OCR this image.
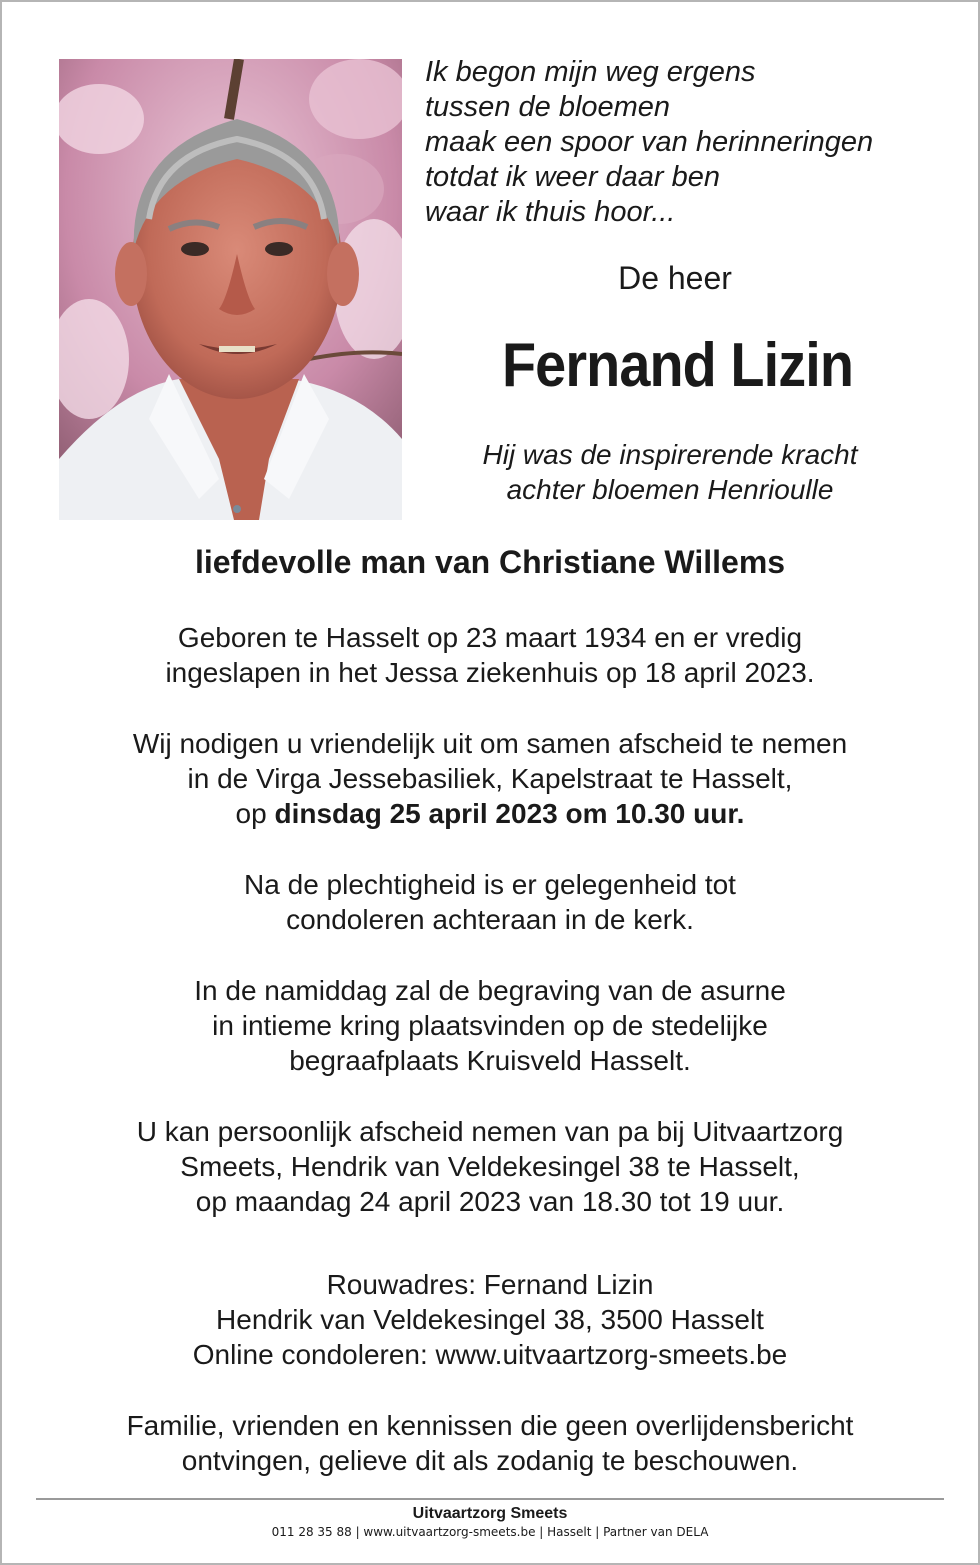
Ik begon mijn weg ergens
tussen de bloemen
maak een spoor van herinneringen
totdat ik weer daar ben
waar ik thuis hoor...
De heer
Fernand Lizin
Hij was de inspirerende kracht
achter bloemen Henrioulle
liefdevolle man van Christiane Willems

Geboren te Hasselt op 23 maart 1934 en er vredig
ingeslapen in het Jessa ziekenhuis op 18 april 2023.

Wij nodigen u vriendelijk uit om samen afscheid te nemen
in de Virga Jessebasiliek, Kapelstraat te Hasselt,
op dinsdag 25 april 2023 om 10.30 uur.

Na de plechtigheid is er gelegenheid tot
condoleren achteraan in de kerk.

In de namiddag zal de begraving van de asurne
in intieme kring plaatsvinden op de stedelijke
begraafplaats Kruisveld Hasselt.

U kan persoonlijk afscheid nemen van pa bij Uitvaartzorg
Smeets, Hendrik van Veldekesingel 38 te Hasselt,
op maandag 24 april 2023 van 18.30 tot 19 uur.

Rouwadres: Fernand Lizin
Hendrik van Veldekesingel 38, 3500 Hasselt
Online condoleren: www.uitvaartzorg-smeets.be

Familie, vrienden en kennissen die geen overlijdensbericht
ontvingen, gelieve dit als zodanig te beschouwen.

Uitvaartzorg Smeets
011 28 35 88 | www.uitvaartzorg-smeets.be | Hasselt | Partner van DELA
